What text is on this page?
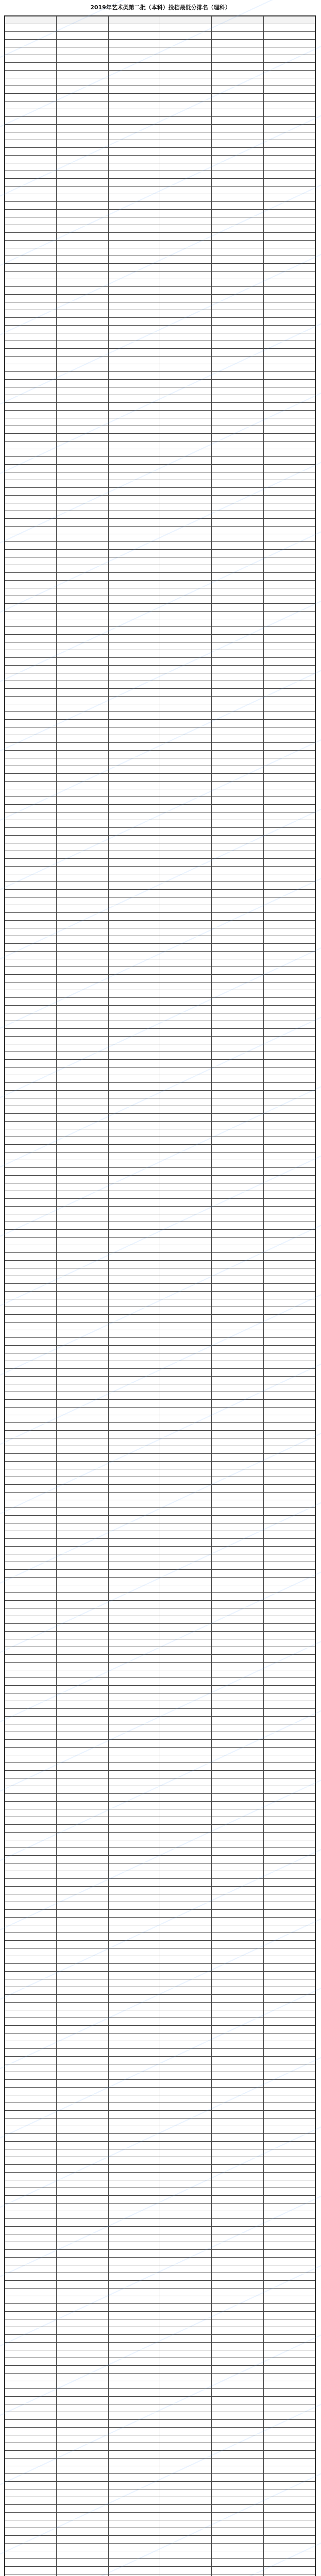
2019年艺术类第二批（本科）投档最低分排名（理科）
